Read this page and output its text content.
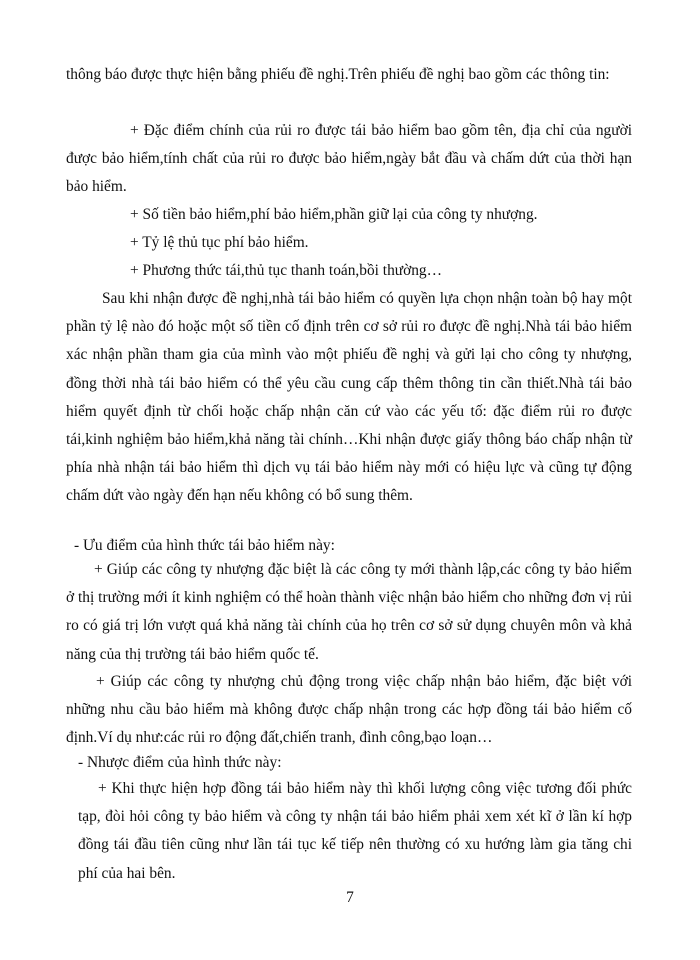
thông báo được thực hiện bằng phiếu đề nghị.Trên phiếu đề nghị bao gồm các thông tin:

+ Đặc điểm chính của rủi ro được tái bảo hiểm bao gồm tên, địa chỉ của người được bảo hiểm,tính chất của rủi ro được bảo hiểm,ngày bắt đầu và chấm dứt của thời hạn bảo hiểm.

+ Số tiền bảo hiểm,phí bảo hiểm,phần giữ lại của công ty nhượng.

+ Tỷ lệ thủ tục phí bảo hiểm.

+ Phương thức tái,thủ tục thanh toán,bồi thường…

Sau khi nhận được đề nghị,nhà tái bảo hiểm có quyền lựa chọn nhận toàn bộ hay một phần tỷ lệ nào đó hoặc một số tiền cố định trên cơ sở rủi ro được đề nghị.Nhà tái bảo hiểm xác nhận phần tham gia của mình vào một phiếu đề nghị và gửi lại cho công ty nhượng, đồng thời nhà tái bảo hiểm có thể yêu cầu cung cấp thêm thông tin cần thiết.Nhà tái bảo hiểm quyết định từ chối hoặc chấp nhận căn cứ vào các yếu tố: đặc điểm rủi ro được tái,kinh nghiệm bảo hiểm,khả năng tài chính…Khi nhận được giấy thông báo chấp nhận từ phía nhà nhận tái bảo hiểm thì dịch vụ tái bảo hiểm này mới có hiệu lực và cũng tự động chấm dứt vào ngày đến hạn nếu không có bổ sung thêm.

- Ưu điểm của hình thức tái bảo hiểm này:

+ Giúp các công ty nhượng đặc biệt là các công ty mới thành lập,các công ty bảo hiểm ở thị trường mới ít kinh nghiệm có thể hoàn thành việc nhận bảo hiểm cho những đơn vị rủi ro có giá trị lớn vượt quá khả năng tài chính của họ trên cơ sở sử dụng chuyên môn và khả năng của thị trường tái bảo hiểm quốc tế.

+ Giúp các công ty nhượng chủ động trong việc chấp nhận bảo hiểm, đặc biệt với những nhu cầu bảo hiểm mà không được chấp nhận trong các hợp đồng tái bảo hiểm cố định.Ví dụ như:các rủi ro động đất,chiến tranh, đình công,bạo loạn…

- Nhược điểm của hình thức này:

+ Khi thực hiện hợp đồng tái bảo hiểm này thì khối lượng công việc tương đối phức tạp, đòi hỏi công ty bảo hiểm và công ty nhận tái bảo hiểm phải xem xét kĩ ở lần kí hợp đồng tái đầu tiên cũng như lần tái tục kế tiếp nên thường có xu hướng làm gia tăng chi phí của hai bên.

7
